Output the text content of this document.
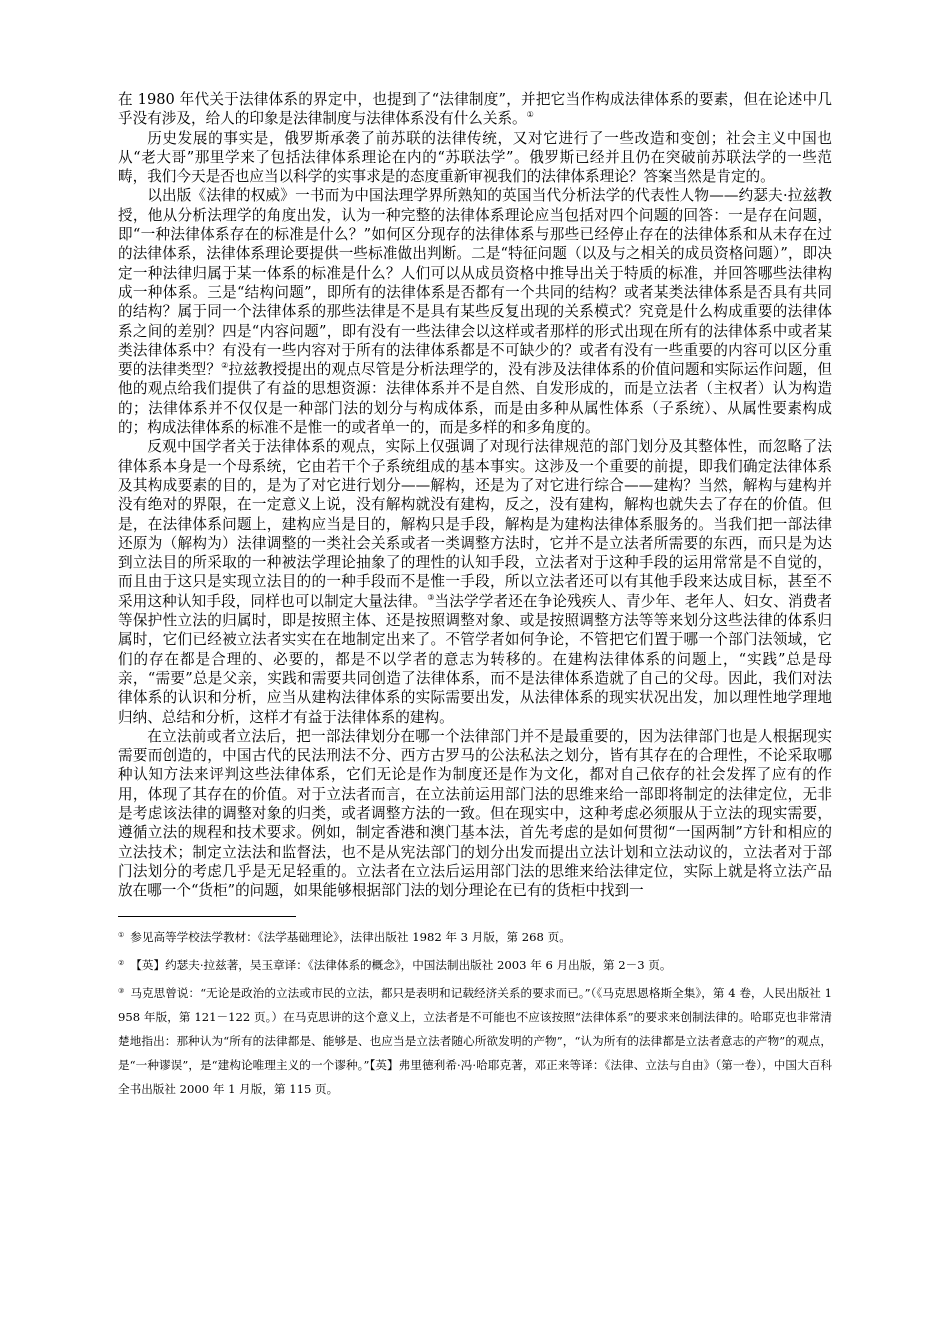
在 1980 年代关于法律体系的界定中，也提到了“法律制度”，并把它当作构成法律体系的要素，但在论述中几乎没有涉及，给人的印象是法律制度与法律体系没有什么关系。①

历史发展的事实是，俄罗斯承袭了前苏联的法律传统，又对它进行了一些改造和变创；社会主义中国也从“老大哥”那里学来了包括法律体系理论在内的“苏联法学”。俄罗斯已经并且仍在突破前苏联法学的一些范畴，我们今天是否也应当以科学的实事求是的态度重新审视我们的法律体系理论？答案当然是肯定的。

以出版《法律的权威》一书而为中国法理学界所熟知的英国当代分析法学的代表性人物——约瑟夫·拉兹教授，他从分析法理学的角度出发，认为一种完整的法律体系理论应当包括对四个问题的回答：一是存在问题，即“一种法律体系存在的标准是什么？”如何区分现存的法律体系与那些已经停止存在的法律体系和从未存在过的法律体系，法律体系理论要提供一些标准做出判断。二是“特征问题（以及与之相关的成员资格问题）”，即决定一种法律归属于某一体系的标准是什么？人们可以从成员资格中推导出关于特质的标准，并回答哪些法律构成一种体系。三是“结构问题”，即所有的法律体系是否都有一个共同的结构？或者某类法律体系是否具有共同的结构？属于同一个法律体系的那些法律是不是具有某些反复出现的关系模式？究竟是什么构成重要的法律体系之间的差别？四是“内容问题”，即有没有一些法律会以这样或者那样的形式出现在所有的法律体系中或者某类法律体系中？有没有一些内容对于所有的法律体系都是不可缺少的？或者有没有一些重要的内容可以区分重要的法律类型？②拉兹教授提出的观点尽管是分析法理学的，没有涉及法律体系的价值问题和实际运作问题，但他的观点给我们提供了有益的思想资源：法律体系并不是自然、自发形成的，而是立法者（主权者）认为构造的；法律体系并不仅仅是一种部门法的划分与构成体系，而是由多种从属性体系（子系统）、从属性要素构成的；构成法律体系的标准不是惟一的或者单一的，而是多样的和多角度的。

反观中国学者关于法律体系的观点，实际上仅强调了对现行法律规范的部门划分及其整体性，而忽略了法律体系本身是一个母系统，它由若干个子系统组成的基本事实。这涉及一个重要的前提，即我们确定法律体系及其构成要素的目的，是为了对它进行划分——解构，还是为了对它进行综合——建构？当然，解构与建构并没有绝对的界限，在一定意义上说，没有解构就没有建构，反之，没有建构，解构也就失去了存在的价值。但是，在法律体系问题上，建构应当是目的，解构只是手段，解构是为建构法律体系服务的。当我们把一部法律还原为（解构为）法律调整的一类社会关系或者一类调整方法时，它并不是立法者所需要的东西，而只是为达到立法目的所采取的一种被法学理论抽象了的理性的认知手段，立法者对于这种手段的运用常常是不自觉的，而且由于这只是实现立法目的的一种手段而不是惟一手段，所以立法者还可以有其他手段来达成目标，甚至不采用这种认知手段，同样也可以制定大量法律。③当法学学者还在争论残疾人、青少年、老年人、妇女、消费者等保护性立法的归属时，即是按照主体、还是按照调整对象、或是按照调整方法等等来划分这些法律的体系归属时，它们已经被立法者实实在在地制定出来了。不管学者如何争论，不管把它们置于哪一个部门法领域，它们的存在都是合理的、必要的，都是不以学者的意志为转移的。在建构法律体系的问题上，“实践”总是母亲，“需要”总是父亲，实践和需要共同创造了法律体系，而不是法律体系造就了自己的父母。因此，我们对法律体系的认识和分析，应当从建构法律体系的实际需要出发，从法律体系的现实状况出发，加以理性地学理地归纳、总结和分析，这样才有益于法律体系的建构。

在立法前或者立法后，把一部法律划分在哪一个法律部门并不是最重要的，因为法律部门也是人根据现实需要而创造的，中国古代的民法刑法不分、西方古罗马的公法私法之划分，皆有其存在的合理性，不论采取哪种认知方法来评判这些法律体系，它们无论是作为制度还是作为文化，都对自己依存的社会发挥了应有的作用，体现了其存在的价值。对于立法者而言，在立法前运用部门法的思维来给一部即将制定的法律定位，无非是考虑该法律的调整对象的归类，或者调整方法的一致。但在现实中，这种考虑必须服从于立法的现实需要，遵循立法的规程和技术要求。例如，制定香港和澳门基本法，首先考虑的是如何贯彻“一国两制”方针和相应的立法技术；制定立法法和监督法，也不是从宪法部门的划分出发而提出立法计划和立法动议的，立法者对于部门法划分的考虑几乎是无足轻重的。立法者在立法后运用部门法的思维来给法律定位，实际上就是将立法产品放在哪一个“货柜”的问题，如果能够根据部门法的划分理论在已有的货柜中找到一

① 参见高等学校法学教材：《法学基础理论》，法律出版社 1982 年 3 月版，第 268 页。

② 【英】约瑟夫·拉兹著，吴玉章译：《法律体系的概念》，中国法制出版社 2003 年 6 月出版，第 2－3 页。

③ 马克思曾说：“无论是政治的立法或市民的立法，都只是表明和记载经济关系的要求而已。”（《马克思恩格斯全集》，第 4 卷，人民出版社 1958 年版，第 121－122 页。）在马克思讲的这个意义上，立法者是不可能也不应该按照“法律体系”的要求来创制法律的。哈耶克也非常清楚地指出：那种认为“所有的法律都是、能够是、也应当是立法者随心所欲发明的产物”，“认为所有的法律都是立法者意志的产物”的观点，是“一种谬误”，是“建构论唯理主义的一个谬种。”【英】弗里德利希·冯·哈耶克著，邓正来等译：《法律、立法与自由》（第一卷），中国大百科全书出版社 2000 年 1 月版，第 115 页。
